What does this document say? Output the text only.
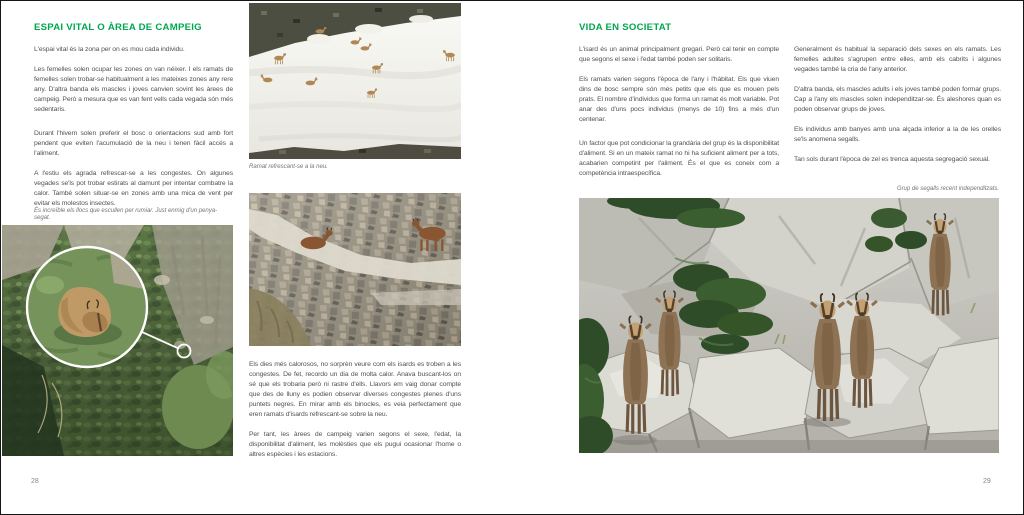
ESPAI VITAL O ÀREA DE CAMPEIG

L'espai vital és la zona per on es mou cada individu.

Les femelles solen ocupar les zones on van néixer. I els ramats de femelles solen trobar-se habitualment a les mateixes zones any rere any. D'altra banda els mascles i joves canvien sovint les àrees de campeig. Però a mesura que es van fent vells cada vegada són més sedentaris.

Durant l'hivern solen preferir el bosc o orientacions sud amb fort pendent que eviten l'acumulació de la neu i tenen fàcil accés a l'aliment.

A l'estiu els agrada refrescar-se a les congestes. On algunes vegades se'ls pot trobar estirats al damunt per intentar combatre la calor. També solen situar-se en zones amb una mica de vent per evitar els molestos insectes.

És increïble els llocs que escullen per rumiar. Just enmig d'un penya-segat.
28
Ramat refrescant-se a la neu.

Els dies més calorosos, no sorprèn veure com els isards es troben a les congestes. De fet, recordo un dia de molta calor. Anava buscant-los on sé que els trobaria però ni rastre d'ells. Llavors em vaig donar compte que des de lluny es podien observar diverses congestes plenes d'uns puntets negres. En mirar amb els binocles, es veia perfectament que eren ramats d'isards refrescant-se sobre la neu.

Per tant, les àrees de campeig varien segons el sexe, l'edat, la disponibilitat d'aliment, les molèsties que els pugui ocasionar l'home o altres espècies i les estacions.

VIDA EN SOCIETAT

L'isard és un animal principalment gregari. Però cal tenir en compte que segons el sexe i l'edat també poden ser solitaris.

Els ramats varien segons l'època de l'any i l'hàbitat. Els que viuen dins de bosc sempre són més petits que els que es mouen pels prats. El nombre d'individus que forma un ramat és molt variable. Pot anar des d'uns pocs individus (menys de 10) fins a més d'un centenar.

Un factor que pot condicionar la grandària del grup és la disponibilitat d'aliment. Si en un mateix ramat no hi ha suficient aliment per a tots, acabarien competint per l'aliment. És el que es coneix com a competència intraespecífica.

Generalment és habitual la separació dels sexes en els ramats. Les femelles adultes s'agrupen entre elles, amb els cabrits i algunes vegades també la cria de l'any anterior.

D'altra banda, els mascles adults i els joves també poden formar grups. Cap a l'any els mascles solen independitzar-se. És aleshores quan es poden observar grups de joves.

Els individus amb banyes amb una alçada inferior a la de les orelles se'ls anomena segalls.

Tan sols durant l'època de zel es trenca aquesta segregació sexual.

Grup de segalls recent independitzats.
29
